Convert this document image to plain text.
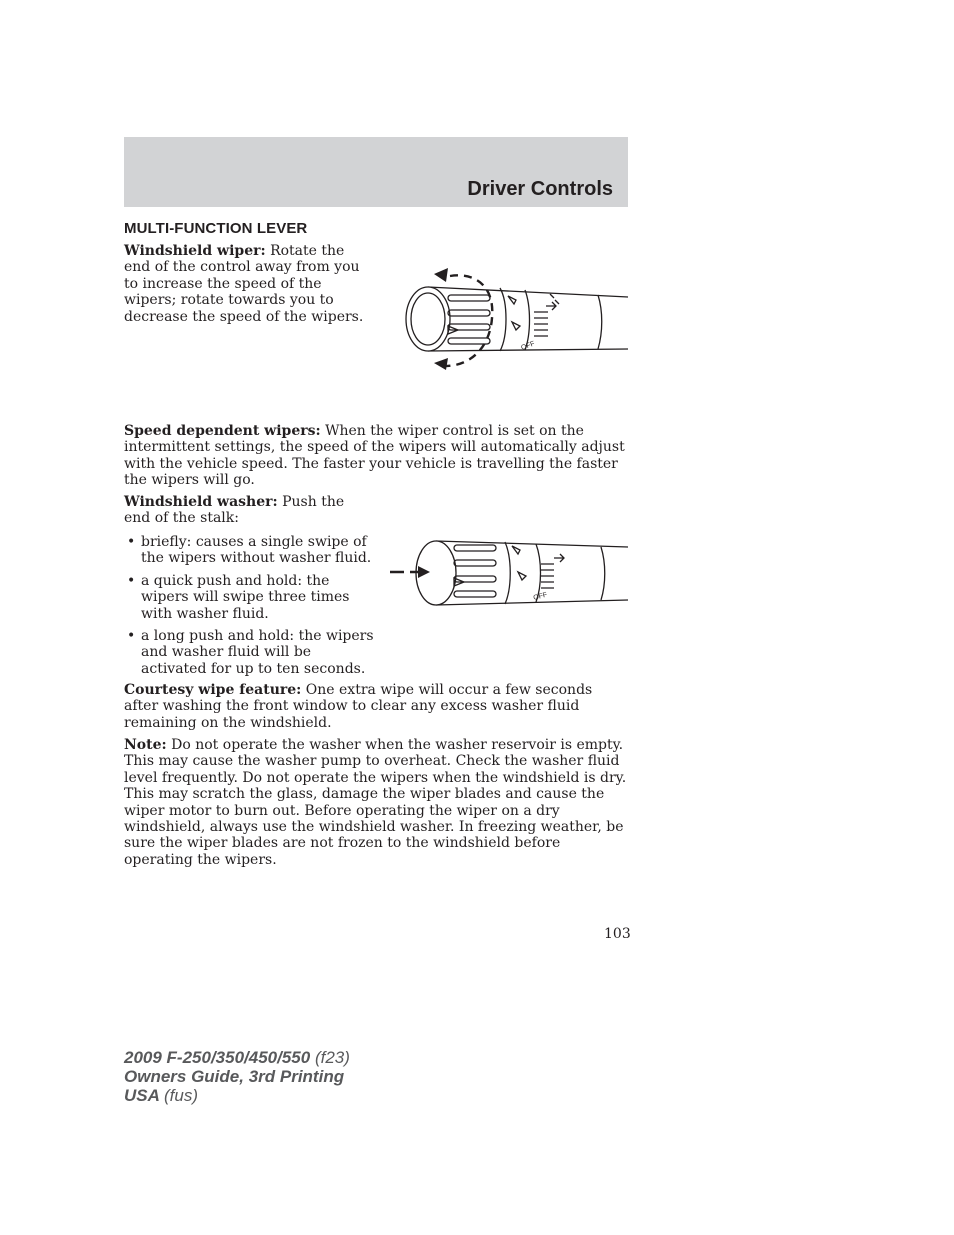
Driver Controls
MULTI-FUNCTION LEVER

Windshield wiper: Rotate the end of the control away from you to increase the speed of the wipers; rotate towards you to decrease the speed of the wipers.

OFF

Speed dependent wipers: When the wiper control is set on the intermittent settings, the speed of the wipers will automatically adjust with the vehicle speed. The faster your vehicle is travelling the faster the wipers will go.

Windshield washer: Push the end of the stalk:

• briefly: causes a single swipe of the wipers without washer fluid.
• a quick push and hold: the wipers will swipe three times with washer fluid.
• a long push and hold: the wipers and washer fluid will be activated for up to ten seconds.
OFF

Courtesy wipe feature: One extra wipe will occur a few seconds after washing the front window to clear any excess washer fluid remaining on the windshield.

Note: Do not operate the washer when the washer reservoir is empty. This may cause the washer pump to overheat. Check the washer fluid level frequently. Do not operate the wipers when the windshield is dry. This may scratch the glass, damage the wiper blades and cause the wiper motor to burn out. Before operating the wiper on a dry windshield, always use the windshield washer. In freezing weather, be sure the wiper blades are not frozen to the windshield before operating the wipers.

103
2009 F-250/350/450/550 (f23)
Owners Guide, 3rd Printing
USA (fus)
